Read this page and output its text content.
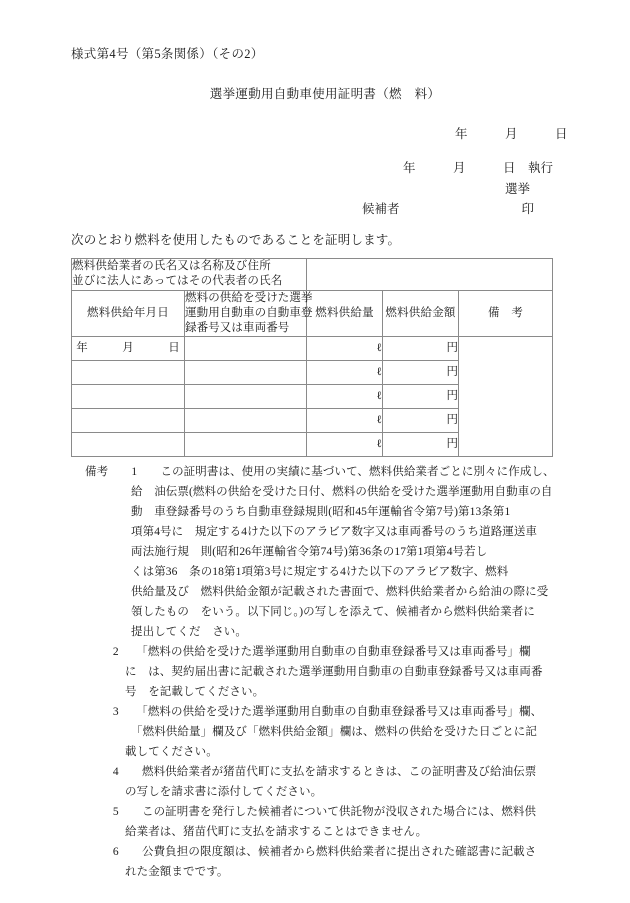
様式第4号（第5条関係）（その2）
選挙運動用自動車使用証明書（燃　料）
年　　　月　　　日
年　　　月　　　日　執行
選挙
候補者	印
次のとおり燃料を使用したものであることを証明します。
燃料供給業者の氏名又は名称及び住所
並びに法人にあってはその代表者の氏名				

燃料供給年月日	燃料の供給を受けた選挙
運動用自動車の自動車登
録番号又は車両番号	燃料供給量	燃料供給金額	備　考
年　　　月　　　日		ℓ	円	
		ℓ	円	
		ℓ	円	
		ℓ	円	
		ℓ	円	
備考　　1　　この証明書は、使用の実績に基づいて、燃料供給業者ごとに別々に作成し、
給　油伝票(燃料の供給を受けた日付、燃料の供給を受けた選挙運動用自動車の自
動　車登録番号のうち自動車登録規則(昭和45年運輸省令第7号)第13条第1
項第4号に　規定する4けた以下のアラビア数字又は車両番号のうち道路運送車
両法施行規　則(昭和26年運輸省令第74号)第36条の17第1項第4号若し
くは第36　条の18第1項第3号に規定する4けた以下のアラビア数字、燃料
供給量及び　燃料供給金額が記載された書面で、燃料供給業者から給油の際に受
領したもの　をいう。以下同じ。)の写しを添えて、候補者から燃料供給業者に
提出してくだ　さい。
2　　「燃料の供給を受けた選挙運動用自動車の自動車登録番号又は車両番号」欄
に　は、契約届出書に記載された選挙運動用自動車の自動車登録番号又は車両番
号　を記載してください。
3　　「燃料の供給を受けた選挙運動用自動車の自動車登録番号又は車両番号」欄、
「燃料供給量」欄及び「燃料供給金額」欄は、燃料の供給を受けた日ごとに記
載してください。
4　　燃料供給業者が猪苗代町に支払を請求するときは、この証明書及び給油伝票
の写しを請求書に添付してください。
5　　この証明書を発行した候補者について供託物が没収された場合には、燃料供
給業者は、猪苗代町に支払を請求することはできません。
6　　公費負担の限度額は、候補者から燃料供給業者に提出された確認書に記載さ
れた金額までです。
